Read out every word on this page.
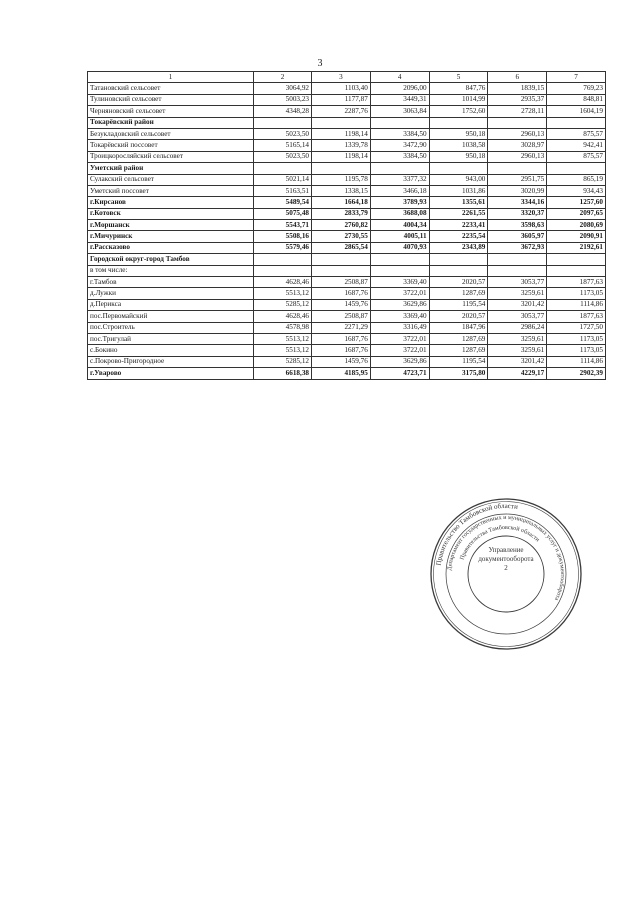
3
1	2	3	4	5	6	7
Татановский сельсовет	3064,92	1103,40	2096,00	847,76	1839,15	769,23
Тулиновский сельсовет	5003,23	1177,87	3449,31	1014,99	2935,37	848,81
Черняновский сельсовет	4348,28	2287,76	3063,84	1752,60	2728,11	1604,19
Токарёвский район						
Безукладовский сельсовет	5023,50	1198,14	3384,50	950,18	2960,13	875,57
Токарёвский поссовет	5165,14	1339,78	3472,90	1038,58	3028,97	942,41
Троицкоросляйский сельсовет	5023,50	1198,14	3384,50	950,18	2960,13	875,57
Уметский район						
Сулакский сельсовет	5021,14	1195,78	3377,32	943,00	2951,75	865,19
Уметский поссовет	5163,51	1338,15	3466,18	1031,86	3020,99	934,43
г.Кирсанов	5489,54	1664,18	3789,93	1355,61	3344,16	1257,60
г.Котовск	5075,48	2833,79	3688,08	2261,55	3320,37	2097,65
г.Моршанск	5543,71	2760,82	4004,34	2233,41	3598,63	2080,69
г.Мичуринск	5508,16	2730,55	4005,11	2235,54	3605,97	2090,91
г.Рассказово	5579,46	2865,54	4070,93	2343,89	3672,93	2192,61
Городской округ-город Тамбов						
в том числе:						
г.Тамбов	4628,46	2508,87	3369,40	2020,57	3053,77	1877,63
д.Лужки	5513,12	1687,76	3722,01	1287,69	3259,61	1173,05
д.Перикса	5285,12	1459,76	3629,86	1195,54	3201,42	1114,86
пос.Первомайский	4628,46	2508,87	3369,40	2020,57	3053,77	1877,63
пос.Строитель	4578,98	2271,29	3316,49	1847,96	2986,24	1727,50
пос.Тригулай	5513,12	1687,76	3722,01	1287,69	3259,61	1173,05
с.Бокино	5513,12	1687,76	3722,01	1287,69	3259,61	1173,05
с.Покрово-Пригородное	5285,12	1459,76	3629,86	1195,54	3201,42	1114,86
г.Уварово	6618,38	4185,95	4723,71	3175,80	4229,17	2902,39
Правительство Тамбовской области
Департамент государственных и муниципальных услуг и документооборота
Правительства Тамбовской области
Управление документооборота
2
